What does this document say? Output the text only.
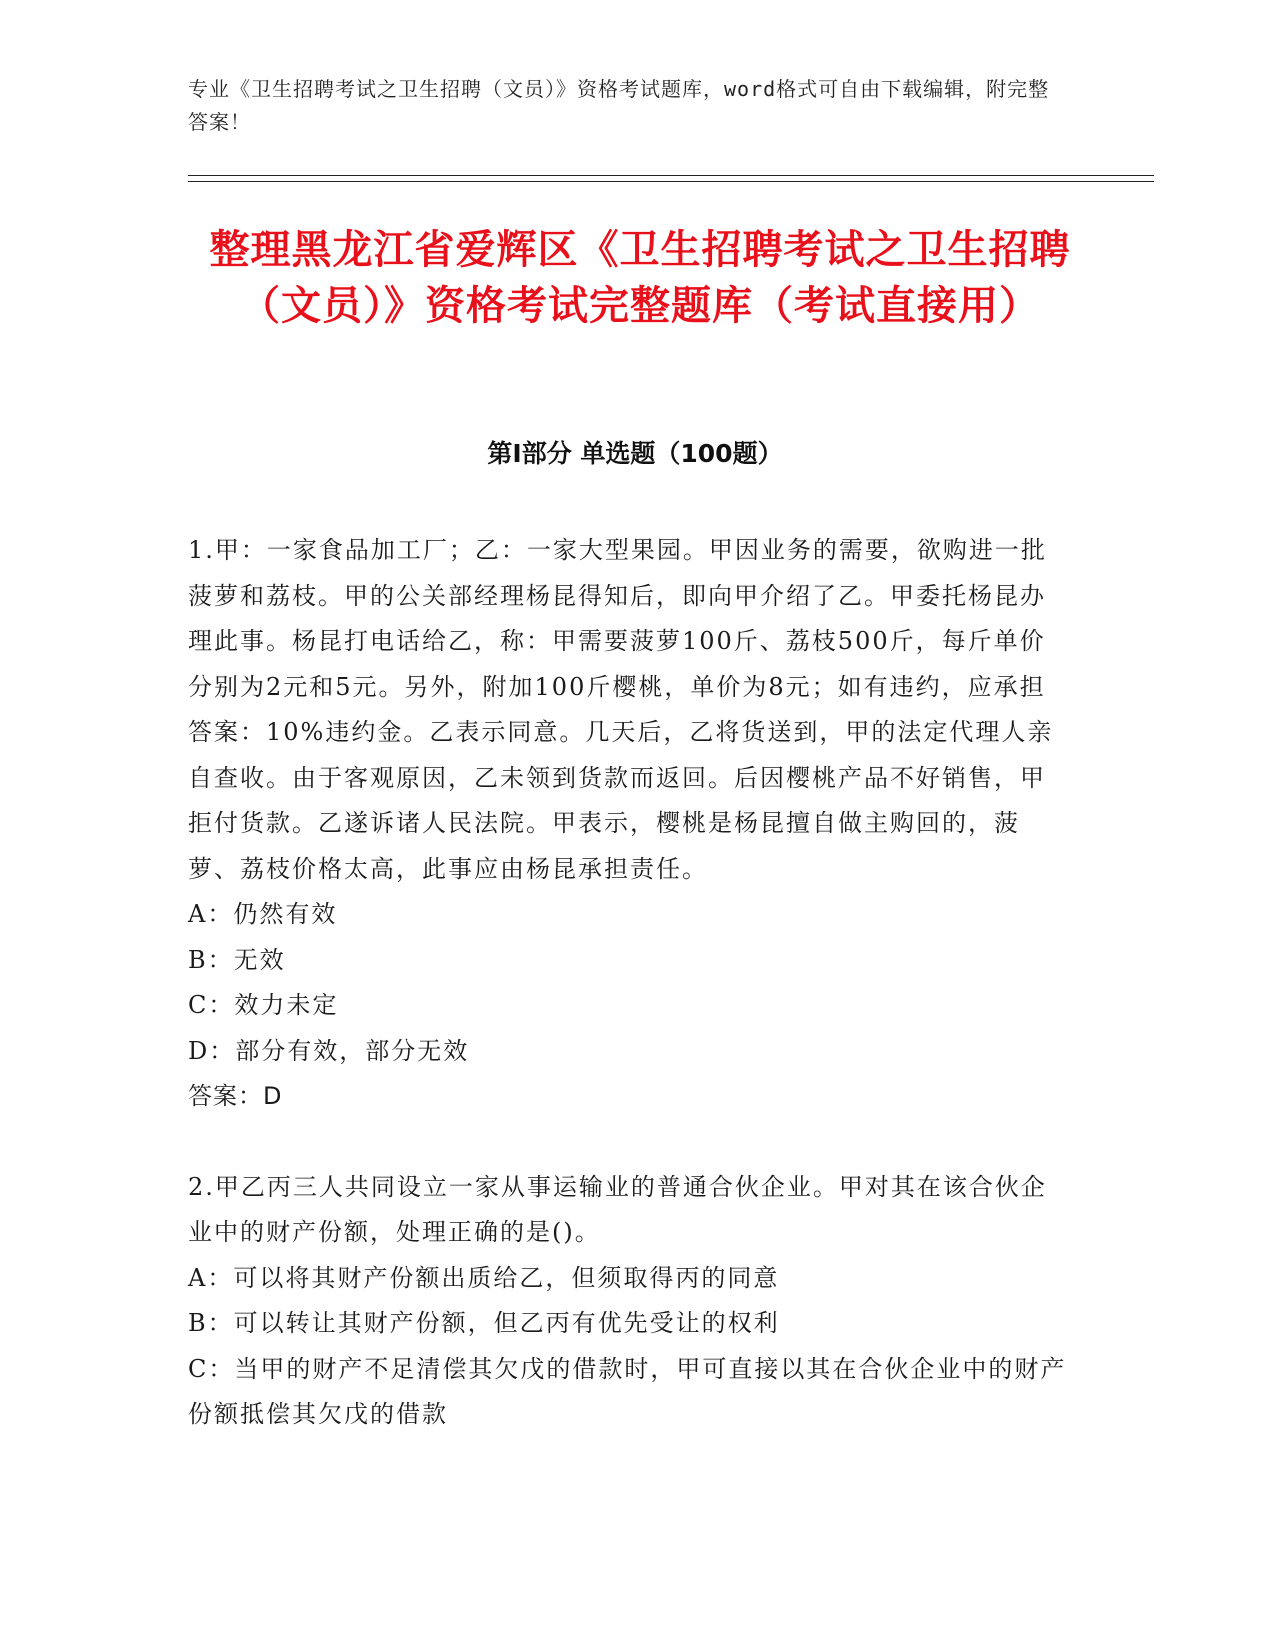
专业《卫生招聘考试之卫生招聘（文员）》资格考试题库，word格式可自由下载编辑，附完整答案！
整理黑龙江省爱辉区《卫生招聘考试之卫生招聘（文员）》资格考试完整题库（考试直接用）
第Ⅰ部分 单选题（100题）

1.甲：一家食品加工厂；乙：一家大型果园。甲因业务的需要，欲购进一批菠萝和荔枝。甲的公关部经理杨昆得知后，即向甲介绍了乙。甲委托杨昆办理此事。杨昆打电话给乙，称：甲需要菠萝100斤、荔枝500斤，每斤单价分别为2元和5元。另外，附加100斤樱桃，单价为8元；如有违约，应承担答案：10%违约金。乙表示同意。几天后，乙将货送到，甲的法定代理人亲自查收。由于客观原因，乙未领到货款而返回。后因樱桃产品不好销售，甲拒付货款。乙遂诉诸人民法院。甲表示，樱桃是杨昆擅自做主购回的，菠萝、荔枝价格太高，此事应由杨昆承担责任。

A：仍然有效

B：无效

C：效力未定

D：部分有效，部分无效

答案：D

2.甲乙丙三人共同设立一家从事运输业的普通合伙企业。甲对其在该合伙企业中的财产份额，处理正确的是()。

A：可以将其财产份额出质给乙，但须取得丙的同意

B：可以转让其财产份额，但乙丙有优先受让的权利

C：当甲的财产不足清偿其欠戊的借款时，甲可直接以其在合伙企业中的财产份额抵偿其欠戊的借款
